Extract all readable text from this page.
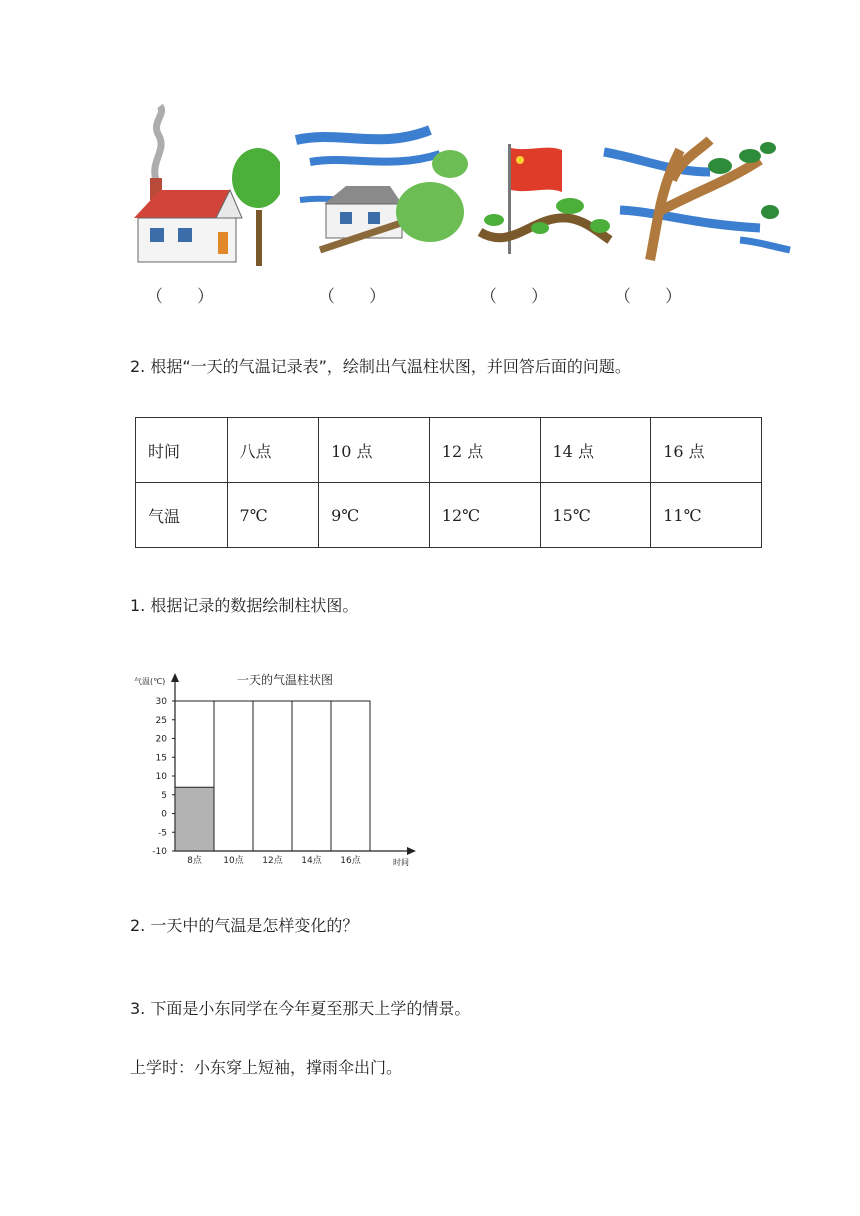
（　　）	（　　）	（　　）	（　　）
2. 根据“一天的气温记录表”，绘制出气温柱状图，并回答后面的问题。
时间	八点	10 点	12 点	14 点	16 点
气温	7℃	9℃	12℃	15℃	11℃
1. 根据记录的数据绘制柱状图。
一天的气温柱状图
气温(℃)
时间
30
25
20
15
10
5
0
-5
-10
8点 10点 12点 14点 16点
2. 一天中的气温是怎样变化的？
3. 下面是小东同学在今年夏至那天上学的情景。
上学时：小东穿上短袖，撑雨伞出门。
